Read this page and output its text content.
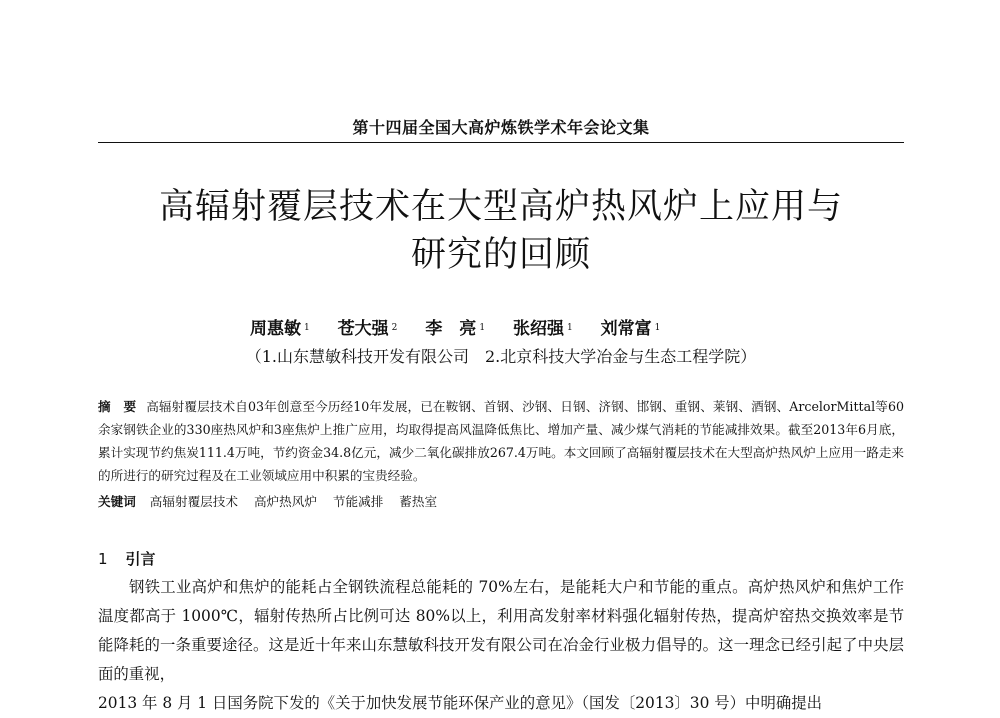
第十四届全国大高炉炼铁学术年会论文集
高辐射覆层技术在大型高炉热风炉上应用与
研究的回顾
周惠敏 $^1$ 苍大强 $^2$ 李　亮 $^1$ 张绍强 $^1$ 刘常富 $^1$
（1.山东慧敏科技开发有限公司　2.北京科技大学冶金与生态工程学院）
摘　要 高辐射覆层技术自03年创意至今历经10年发展，已在鞍钢、首钢、沙钢、日钢、济钢、邯钢、重钢、莱钢、酒钢、ArcelorMittal等60余家钢铁企业的330座热风炉和3座焦炉上推广应用，均取得提高风温降低焦比、增加产量、减少煤气消耗的节能减排效果。截至2013年6月底，累计实现节约焦炭111.4万吨，节约资金34.8亿元，减少二氧化碳排放267.4万吨。本文回顾了高辐射覆层技术在大型高炉热风炉上应用一路走来的所进行的研究过程及在工业领域应用中积累的宝贵经验。
关键词 高辐射覆层技术 高炉热风炉 节能减排 蓄热室
1 引言

钢铁工业高炉和焦炉的能耗占全钢铁流程总能耗的 70%左右，是能耗大户和节能的重点。高炉热风炉和焦炉工作温度都高于 1000℃，辐射传热所占比例可达 80%以上，利用高发射率材料强化辐射传热，提高炉窑热交换效率是节能降耗的一条重要途径。这是近十年来山东慧敏科技开发有限公司在冶金行业极力倡导的。这一理念已经引起了中央层面的重视，

2013 年 8 月 1 日国务院下发的《关于加快发展节能环保产业的意见》（国发〔2013〕30 号）中明确提出
